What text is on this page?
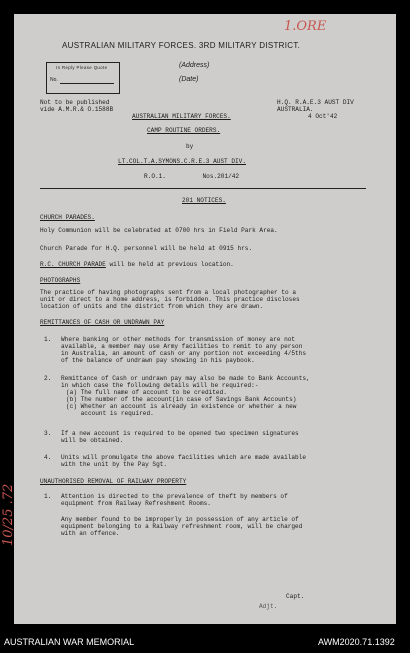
1.ORE
10/25 .72
AUSTRALIAN MILITARY FORCES. 3RD MILITARY DISTRICT.
In Reply Please Quote
No.
(Address)
(Date)
Not to be published
vide A.M.R.& O.1588B
H.Q. R.A.E.3 AUST DIV
AUSTRALIA.
4 Oct'42
AUSTRALIAN MILITARY FORCES.
CAMP ROUTINE ORDERS.
by
LT.COL.T.A.SYMONS.C.R.E.3 AUST DIV.
R.O.1.          Nos.201/42
201 NOTICES.
CHURCH PARADES.
Holy Communion will be celebrated at 0700 hrs in Field Park Area.
Church Parade for H.Q. personnel will be held at 0915 hrs.
R.C. CHURCH PARADE will be held at previous location.
PHOTOGRAPHS
The practice of having photographs sent from a local photographer to a
unit or direct to a home address, is forbidden. This practice discloses
location of units and the district from which they are drawn.
REMITTANCES OF CASH OR UNDRAWN PAY
1. Where banking or other methods for transmission of money are not
available, a member may use Army facilities to remit to any person
in Australia, an amount of cash or any portion not exceeding 4/5ths
of the balance of undrawn pay showing in his paybook.
2. Remittance of Cash or undrawn pay may also be made to Bank Accounts,
in which case the following details will be required:-
(a) The full name of account to be credited.
(b) The number of the account(in case of Savings Bank Accounts)
(c) Whether an account is already in existence or whether a new
account is required.
3. If a new account is required to be opened two specimen signatures
will be obtained.
4. Units will promulgate the above facilities which are made available
with the unit by the Pay Sgt.
UNAUTHORISED REMOVAL OF RAILWAY PROPERTY
1. Attention is directed to the prevalence of theft by members of
equipment from Railway Refreshment Rooms.
Any member found to be improperly in possession of any article of
equipment belonging to a Railway refreshment room, will be charged
with an offence.
Capt.
Adjt.
AUSTRALIAN WAR MEMORIAL	AWM2020.71.1392
